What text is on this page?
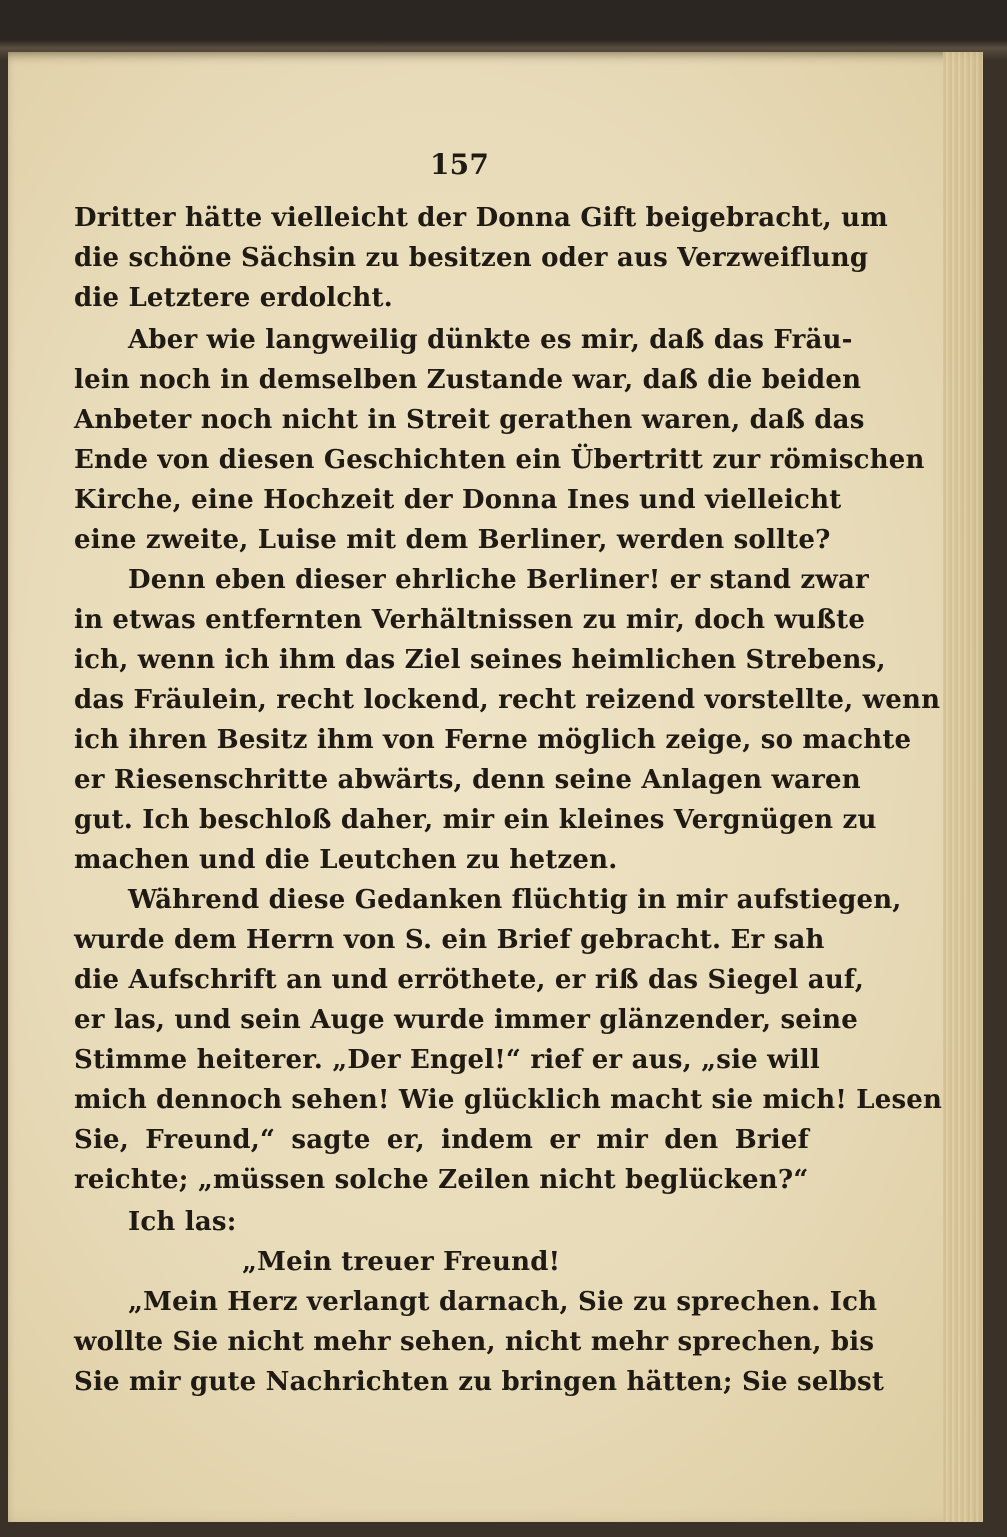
157
Dritter hätte vielleicht der Donna Gift beigebracht, um
die schöne Sächsin zu besitzen oder aus Verzweiflung
die Letztere erdolcht.
Aber wie langweilig dünkte es mir, daß das Fräu-
lein noch in demselben Zustande war, daß die beiden
Anbeter noch nicht in Streit gerathen waren, daß das
Ende von diesen Geschichten ein Übertritt zur römischen
Kirche, eine Hochzeit der Donna Ines und vielleicht
eine zweite, Luise mit dem Berliner, werden sollte?
Denn eben dieser ehrliche Berliner! er stand zwar
in etwas entfernten Verhältnissen zu mir, doch wußte
ich, wenn ich ihm das Ziel seines heimlichen Strebens,
das Fräulein, recht lockend, recht reizend vorstellte, wenn
ich ihren Besitz ihm von Ferne möglich zeige, so machte
er Riesenschritte abwärts, denn seine Anlagen waren
gut. Ich beschloß daher, mir ein kleines Vergnügen zu
machen und die Leutchen zu hetzen.
Während diese Gedanken flüchtig in mir aufstiegen,
wurde dem Herrn von S. ein Brief gebracht. Er sah
die Aufschrift an und erröthete, er riß das Siegel auf,
er las, und sein Auge wurde immer glänzender, seine
Stimme heiterer. „Der Engel!“ rief er aus, „sie will
mich dennoch sehen! Wie glücklich macht sie mich! Lesen
Sie, Freund,“ sagte er, indem er mir den Brief
reichte; „müssen solche Zeilen nicht beglücken?“
Ich las:
„Mein treuer Freund!
„Mein Herz verlangt darnach, Sie zu sprechen. Ich
wollte Sie nicht mehr sehen, nicht mehr sprechen, bis
Sie mir gute Nachrichten zu bringen hätten; Sie selbst
